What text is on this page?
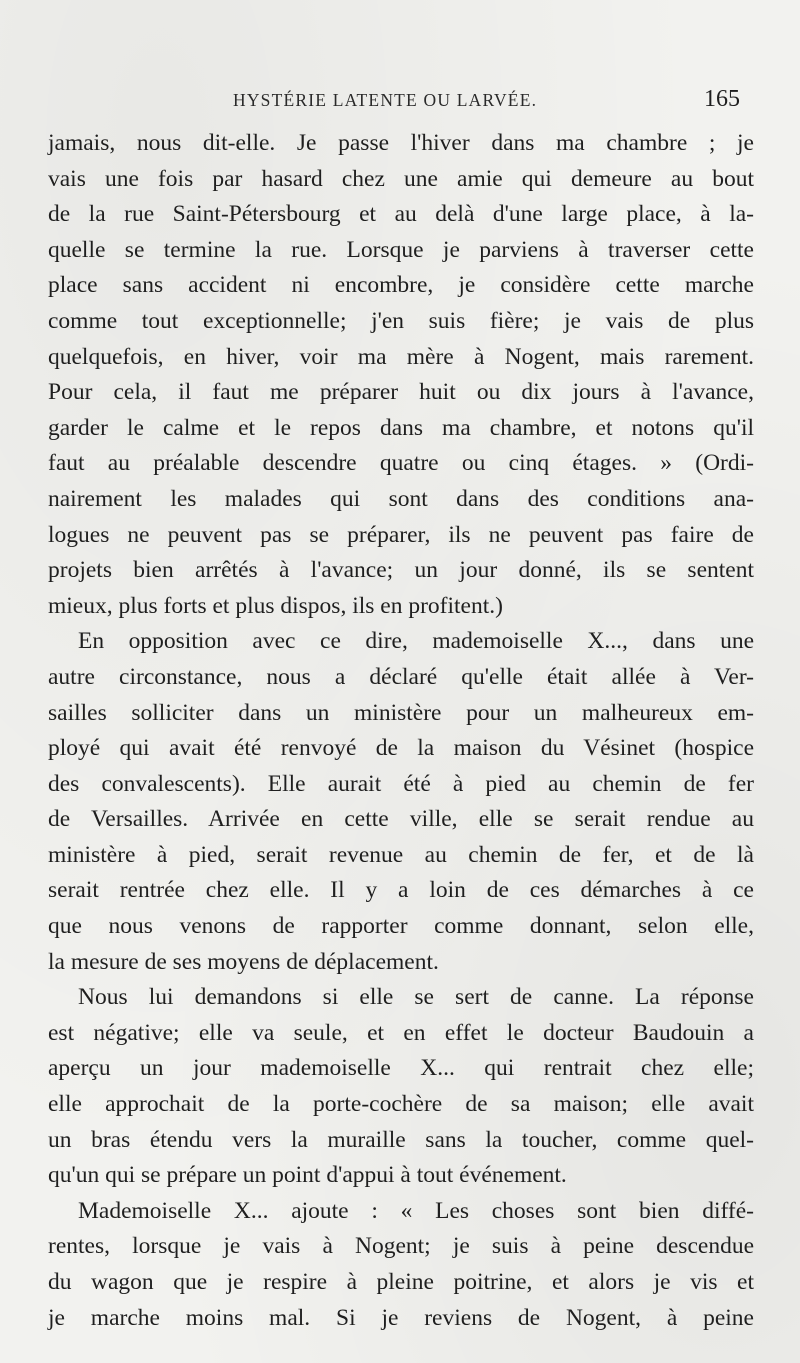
HYSTÉRIE LATENTE OU LARVÉE.	165
jamais, nous dit-elle. Je passe l'hiver dans ma chambre ; je
vais une fois par hasard chez une amie qui demeure au bout
de la rue Saint-Pétersbourg et au delà d'une large place, à la-
quelle se termine la rue. Lorsque je parviens à traverser cette
place sans accident ni encombre, je considère cette marche
comme tout exceptionnelle; j'en suis fière; je vais de plus
quelquefois, en hiver, voir ma mère à Nogent, mais rarement.
Pour cela, il faut me préparer huit ou dix jours à l'avance,
garder le calme et le repos dans ma chambre, et notons qu'il
faut au préalable descendre quatre ou cinq étages. » (Ordi-
nairement les malades qui sont dans des conditions ana-
logues ne peuvent pas se préparer, ils ne peuvent pas faire de
projets bien arrêtés à l'avance; un jour donné, ils se sentent
mieux, plus forts et plus dispos, ils en profitent.)
En opposition avec ce dire, mademoiselle X..., dans une
autre circonstance, nous a déclaré qu'elle était allée à Ver-
sailles solliciter dans un ministère pour un malheureux em-
ployé qui avait été renvoyé de la maison du Vésinet (hospice
des convalescents). Elle aurait été à pied au chemin de fer
de Versailles. Arrivée en cette ville, elle se serait rendue au
ministère à pied, serait revenue au chemin de fer, et de là
serait rentrée chez elle. Il y a loin de ces démarches à ce
que nous venons de rapporter comme donnant, selon elle,
la mesure de ses moyens de déplacement.
Nous lui demandons si elle se sert de canne. La réponse
est négative; elle va seule, et en effet le docteur Baudouin a
aperçu un jour mademoiselle X... qui rentrait chez elle;
elle approchait de la porte-cochère de sa maison; elle avait
un bras étendu vers la muraille sans la toucher, comme quel-
qu'un qui se prépare un point d'appui à tout événement.
Mademoiselle X... ajoute : « Les choses sont bien diffé-
rentes, lorsque je vais à Nogent; je suis à peine descendue
du wagon que je respire à pleine poitrine, et alors je vis et
je marche moins mal. Si je reviens de Nogent, à peine
